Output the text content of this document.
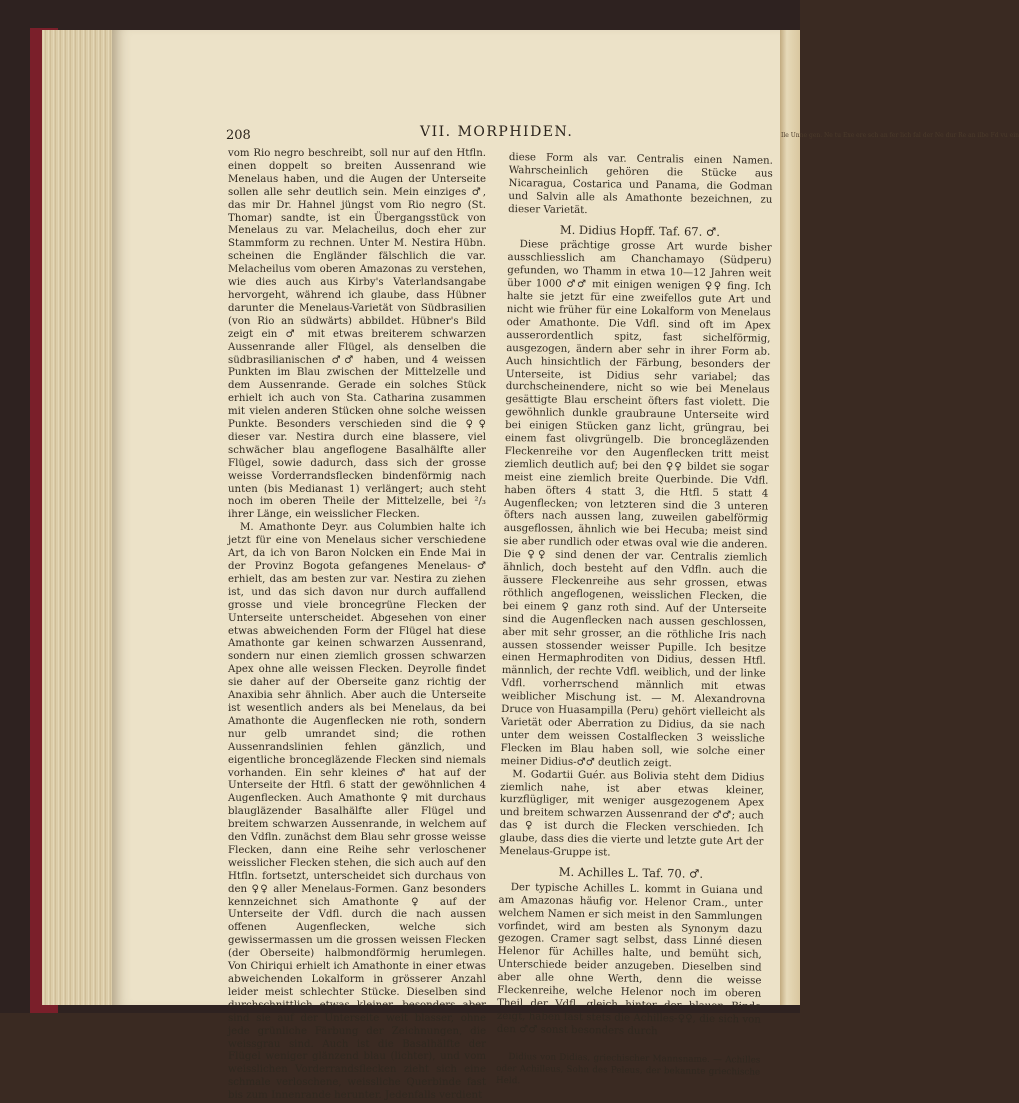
Ile Unne gen. Ne tu Exe ere sch an fer lich fal der Ne dur Re an ilbe Fd vu ein
208	VII. MORPHIDEN.

vom Rio negro beschreibt, soll nur auf den Htfln. einen doppelt so breiten Aussenrand wie Menelaus haben, und die Augen der Unterseite sollen alle sehr deutlich sein. Mein einziges ♂, das mir Dr. Hahnel jüngst vom Rio negro (St. Thomar) sandte, ist ein Übergangsstück von Menelaus zu var. Melacheilus, doch eher zur Stammform zu rechnen. Unter M. Nestira Hübn. scheinen die Engländer fälschlich die var. Melacheilus vom oberen Amazonas zu verstehen, wie dies auch aus Kirby's Vaterlandsangabe hervorgeht, während ich glaube, dass Hübner darunter die Menelaus-Varietät von Südbrasilien (von Rio an südwärts) abbildet. Hübner's Bild zeigt ein ♂ mit etwas breiterem schwarzen Aussenrande aller Flügel, als denselben die südbrasilianischen ♂♂ haben, und 4 weissen Punkten im Blau zwischen der Mittelzelle und dem Aussenrande. Gerade ein solches Stück erhielt ich auch von Sta. Catharina zusammen mit vielen anderen Stücken ohne solche weissen Punkte. Besonders verschieden sind die ♀♀ dieser var. Nestira durch eine blassere, viel schwächer blau angeflogene Basalhälfte aller Flügel, sowie dadurch, dass sich der grosse weisse Vorderrandsflecken bindenförmig nach unten (bis Medianast 1) verlängert; auch steht noch im oberen Theile der Mittelzelle, bei ²/₃ ihrer Länge, ein weisslicher Flecken.

M. Amathonte Deyr. aus Columbien halte ich jetzt für eine von Menelaus sicher verschiedene Art, da ich von Baron Nolcken ein Ende Mai in der Provinz Bogota gefangenes Menelaus-♂ erhielt, das am besten zur var. Nestira zu ziehen ist, und das sich davon nur durch auffallend grosse und viele broncegrüne Flecken der Unterseite unterscheidet. Abgesehen von einer etwas abweichenden Form der Flügel hat diese Amathonte gar keinen schwarzen Aussenrand, sondern nur einen ziemlich grossen schwarzen Apex ohne alle weissen Flecken. Deyrolle findet sie daher auf der Oberseite ganz richtig der Anaxibia sehr ähnlich. Aber auch die Unterseite ist wesentlich anders als bei Menelaus, da bei Amathonte die Augenflecken nie roth, sondern nur gelb umrandet sind; die rothen Aussenrandslinien fehlen gänzlich, und eigentliche broncegläzende Flecken sind niemals vorhanden. Ein sehr kleines ♂ hat auf der Unterseite der Htfl. 6 statt der gewöhnlichen 4 Augenflecken. Auch Amathonte ♀ mit durchaus blaugläzender Basalhälfte aller Flügel und breitem schwarzen Aussenrande, in welchem auf den Vdfln. zunächst dem Blau sehr grosse weisse Flecken, dann eine Reihe sehr verloschener weisslicher Flecken stehen, die sich auch auf den Htfln. fortsetzt, unterscheidet sich durchaus von den ♀♀ aller Menelaus-Formen. Ganz besonders kennzeichnet sich Amathonte ♀ auf der Unterseite der Vdfl. durch die nach aussen offenen Augenflecken, welche sich gewissermassen um die grossen weissen Flecken (der Oberseite) halbmondförmig herumlegen. Von Chiriqui erhielt ich Amathonte in einer etwas abweichenden Lokalform in grösserer Anzahl leider meist schlechter Stücke. Dieselben sind durchschnittlich etwas kleiner, besonders aber sind sie auf der Unterseite weit blasser, ohne jede grünliche Färbung der Zeichnungen, die weissgrau sind. Auch ist die Basalhälfte der Flügel weniger glänzend blau (lichter), und vom weisslichen Vorderrandsflecken zieht sich eine schmale verloschene, weissliche Querbinde fast bis zum Innenrande herunter. Jedenfalls verdient

diese Form als var. Centralis einen Namen. Wahrscheinlich gehören die Stücke aus Nicaragua, Costarica und Panama, die Godman und Salvin alle als Amathonte bezeichnen, zu dieser Varietät.

M. Didius Hopff. Taf. 67. ♂.

Diese prächtige grosse Art wurde bisher ausschliesslich am Chanchamayo (Südperu) gefunden, wo Thamm in etwa 10—12 Jahren weit über 1000 ♂♂ mit einigen wenigen ♀♀ fing. Ich halte sie jetzt für eine zweifellos gute Art und nicht wie früher für eine Lokalform von Menelaus oder Amathonte. Die Vdfl. sind oft im Apex ausserordentlich spitz, fast sichelförmig, ausgezogen, ändern aber sehr in ihrer Form ab. Auch hinsichtlich der Färbung, besonders der Unterseite, ist Didius sehr variabel; das durchscheinendere, nicht so wie bei Menelaus gesättigte Blau erscheint öfters fast violett. Die gewöhnlich dunkle graubraune Unterseite wird bei einigen Stücken ganz licht, grüngrau, bei einem fast olivgrüngelb. Die broncegläzenden Fleckenreihe vor den Augenflecken tritt meist ziemlich deutlich auf; bei den ♀♀ bildet sie sogar meist eine ziemlich breite Querbinde. Die Vdfl. haben öfters 4 statt 3, die Htfl. 5 statt 4 Augenflecken; von letzteren sind die 3 unteren öfters nach aussen lang, zuweilen gabelförmig ausgeflossen, ähnlich wie bei Hecuba; meist sind sie aber rundlich oder etwas oval wie die anderen. Die ♀♀ sind denen der var. Centralis ziemlich ähnlich, doch besteht auf den Vdfln. auch die äussere Fleckenreihe aus sehr grossen, etwas röthlich angeflogenen, weisslichen Flecken, die bei einem ♀ ganz roth sind. Auf der Unterseite sind die Augenflecken nach aussen geschlossen, aber mit sehr grosser, an die röthliche Iris nach aussen stossender weisser Pupille. Ich besitze einen Hermaphroditen von Didius, dessen Htfl. männlich, der rechte Vdfl. weiblich, und der linke Vdfl. vorherrschend männlich mit etwas weiblicher Mischung ist. — M. Alexandrovna Druce von Huasampilla (Peru) gehört vielleicht als Varietät oder Aberration zu Didius, da sie nach unter dem weissen Costalflecken 3 weissliche Flecken im Blau haben soll, wie solche einer meiner Didius-♂♂ deutlich zeigt.

M. Godartii Guér. aus Bolivia steht dem Didius ziemlich nahe, ist aber etwas kleiner, kurzflügliger, mit weniger ausgezogenem Apex und breitem schwarzen Aussenrand der ♂♂; auch das ♀ ist durch die Flecken verschieden. Ich glaube, dass dies die vierte und letzte gute Art der Menelaus-Gruppe ist.

M. Achilles L. Taf. 70. ♂.

Der typische Achilles L. kommt in Guiana und am Amazonas häufig vor. Helenor Cram., unter welchem Namen er sich meist in den Sammlungen vorfindet, wird am besten als Synonym dazu gezogen. Cramer sagt selbst, dass Linné diesen Helenor für Achilles halte, und bemüht sich, Unterschiede beider anzugeben. Dieselben sind aber alle ohne Werth, denn die weisse Fleckenreihe, welche Helenor noch im oberen Theil der Vdfl. gleich hinter der blauen Binde zeigt, haben fast stets die Achilles-♀♀, die sich von den ♂♂ sonst besonders durch

Didius von Didias, griechischer Mannsname. — Achilles oder Achilleus, Sohn des Peleus, der bekannte griechische Held.
